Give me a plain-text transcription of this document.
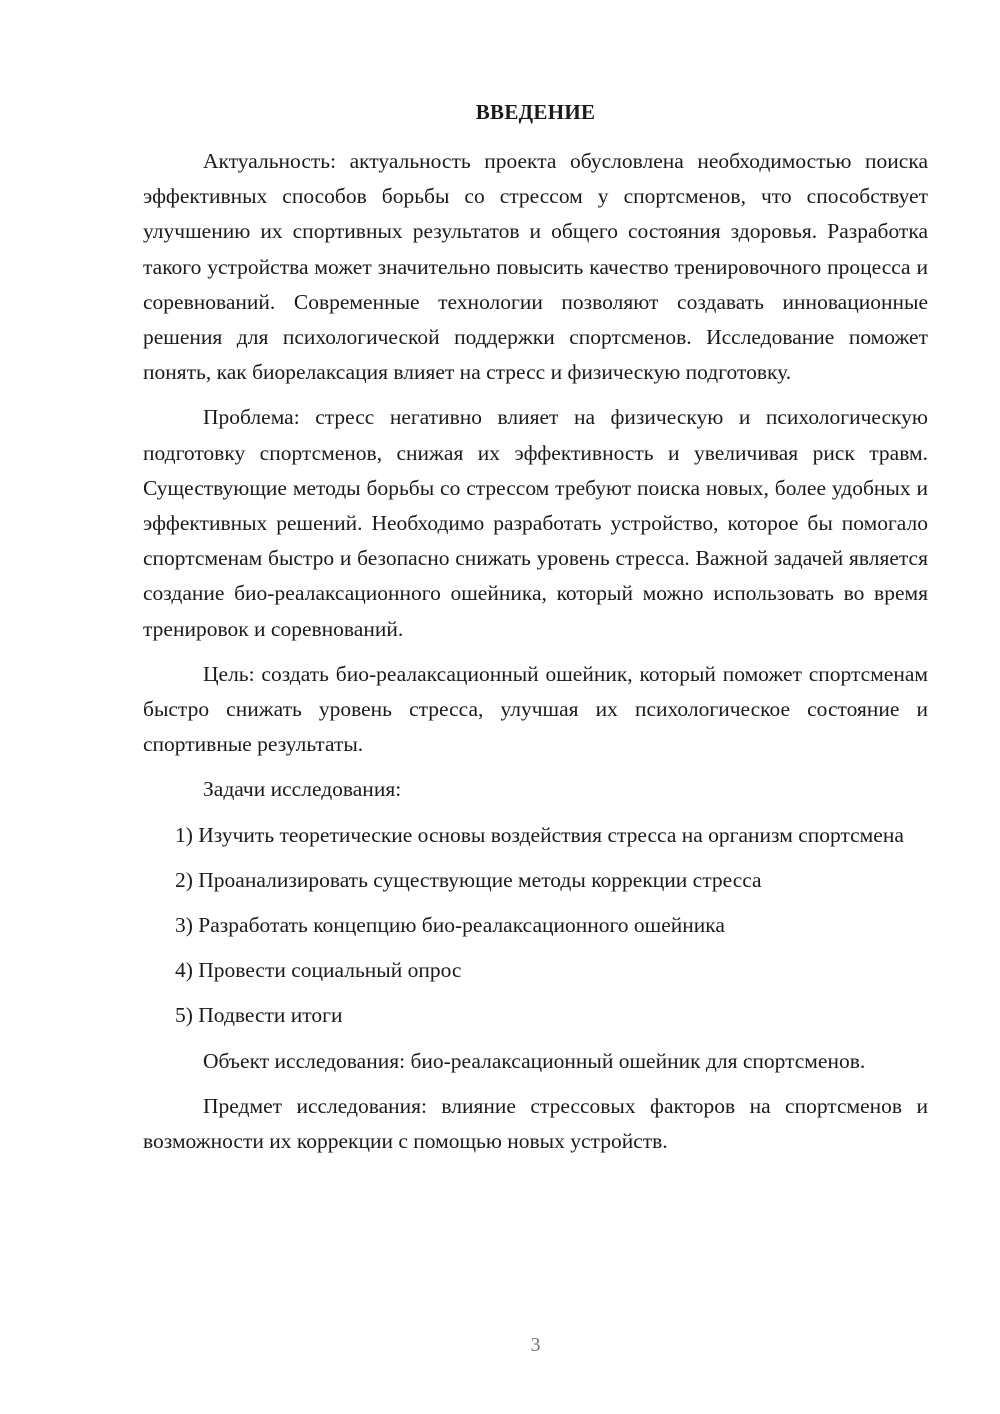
ВВЕДЕНИЕ

Актуальность: актуальность проекта обусловлена необходимостью поиска эффективных способов борьбы со стрессом у спортсменов, что способствует улучшению их спортивных результатов и общего состояния здоровья. Разработка такого устройства может значительно повысить качество тренировочного процесса и соревнований. Современные технологии позволяют создавать инновационные решения для психологической поддержки спортсменов. Исследование поможет понять, как биорелаксация влияет на стресс и физическую подготовку.

Проблема: стресс негативно влияет на физическую и психологическую подготовку спортсменов, снижая их эффективность и увеличивая риск травм. Существующие методы борьбы со стрессом требуют поиска новых, более удобных и эффективных решений. Необходимо разработать устройство, которое бы помогало спортсменам быстро и безопасно снижать уровень стресса. Важной задачей является создание био-реалаксационного ошейника, который можно использовать во время тренировок и соревнований.

Цель: создать био-реалаксационный ошейник, который поможет спортсменам быстро снижать уровень стресса, улучшая их психологическое состояние и спортивные результаты.

Задачи исследования:

1) Изучить теоретические основы воздействия стресса на организм спортсмена

2) Проанализировать существующие методы коррекции стресса

3) Разработать концепцию био-реалаксационного ошейника

4) Провести социальный опрос

5) Подвести итоги

Объект исследования: био-реалаксационный ошейник для спортсменов.

Предмет исследования: влияние стрессовых факторов на спортсменов и возможности их коррекции с помощью новых устройств.

3
